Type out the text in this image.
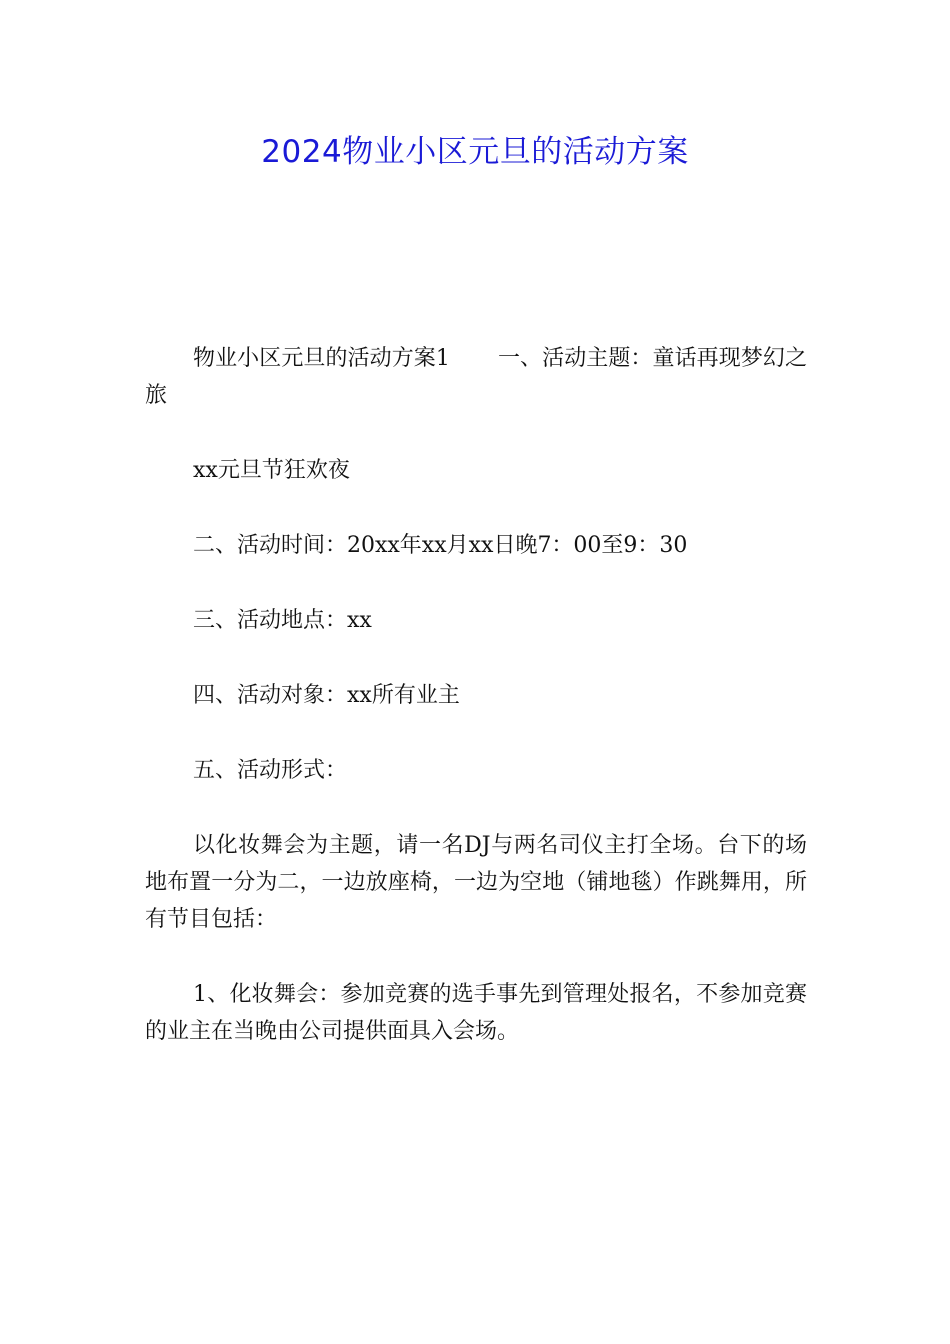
2024物业小区元旦的活动方案

物业小区元旦的活动方案1 一、活动主题：童话再现梦幻之旅

xx元旦节狂欢夜

二、活动时间：20xx年xx月xx日晚7：00至9：30

三、活动地点：xx

四、活动对象：xx所有业主

五、活动形式：

以化妆舞会为主题，请一名DJ与两名司仪主打全场。台下的场地布置一分为二，一边放座椅，一边为空地（铺地毯）作跳舞用，所有节目包括：

1、化妆舞会：参加竞赛的选手事先到管理处报名，不参加竞赛的业主在当晚由公司提供面具入会场。
